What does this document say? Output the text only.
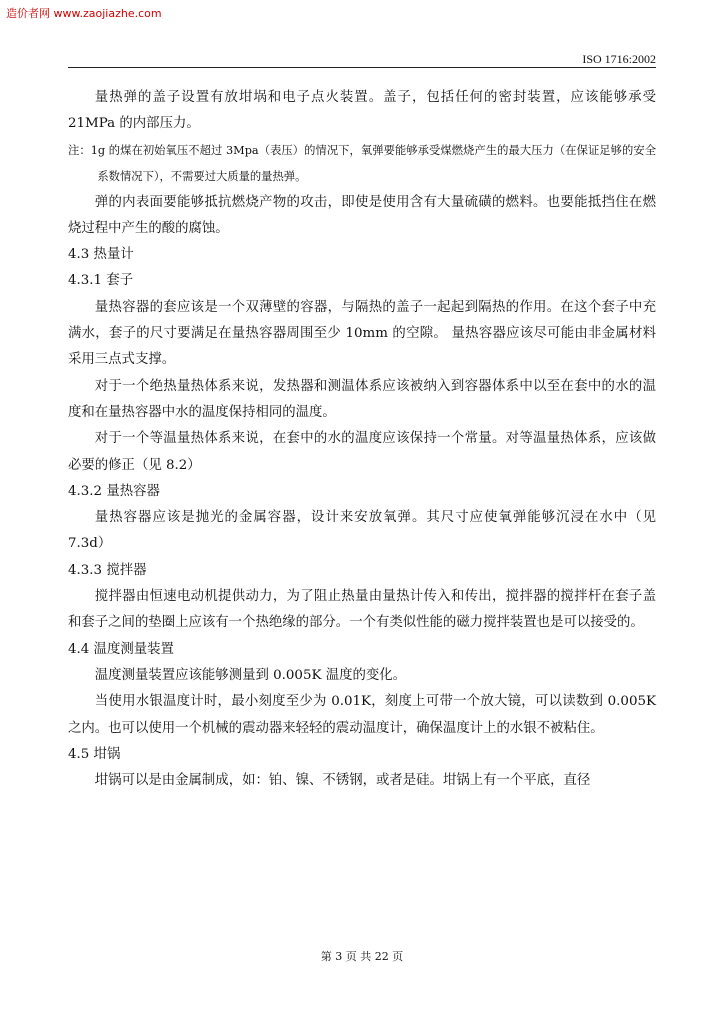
造价者网 www.zaojiazhe.com
ISO 1716:2002

量热弹的盖子设置有放坩埚和电子点火装置。盖子，包括任何的密封装置，应该能够承受 21MPa 的内部压力。

注：1g 的煤在初始氧压不超过 3Mpa（表压）的情况下，氧弹要能够承受煤燃烧产生的最大压力（在保证足够的安全系数情况下），不需要过大质量的量热弹。

弹的内表面要能够抵抗燃烧产物的攻击，即使是使用含有大量硫磺的燃料。也要能抵挡住在燃烧过程中产生的酸的腐蚀。

4.3 热量计

4.3.1 套子

量热容器的套应该是一个双薄壁的容器，与隔热的盖子一起起到隔热的作用。在这个套子中充满水，套子的尺寸要满足在量热容器周围至少 10mm 的空隙。 量热容器应该尽可能由非金属材料采用三点式支撑。

对于一个绝热量热体系来说，发热器和测温体系应该被纳入到容器体系中以至在套中的水的温度和在量热容器中水的温度保持相同的温度。

对于一个等温量热体系来说，在套中的水的温度应该保持一个常量。对等温量热体系，应该做必要的修正（见 8.2）

4.3.2 量热容器

量热容器应该是抛光的金属容器，设计来安放氧弹。其尺寸应使氧弹能够沉浸在水中（见 7.3d）

4.3.3 搅拌器

搅拌器由恒速电动机提供动力，为了阻止热量由量热计传入和传出，搅拌器的搅拌杆在套子盖和套子之间的垫圈上应该有一个热绝缘的部分。一个有类似性能的磁力搅拌装置也是可以接受的。

4.4 温度测量装置

温度测量装置应该能够测量到 0.005K 温度的变化。

当使用水银温度计时，最小刻度至少为 0.01K，刻度上可带一个放大镜，可以读数到 0.005K 之内。也可以使用一个机械的震动器来轻轻的震动温度计，确保温度计上的水银不被粘住。

4.5 坩锅

坩锅可以是由金属制成，如：铂、镍、不锈钢，或者是硅。坩锅上有一个平底，直径

第 3 页 共 22 页
